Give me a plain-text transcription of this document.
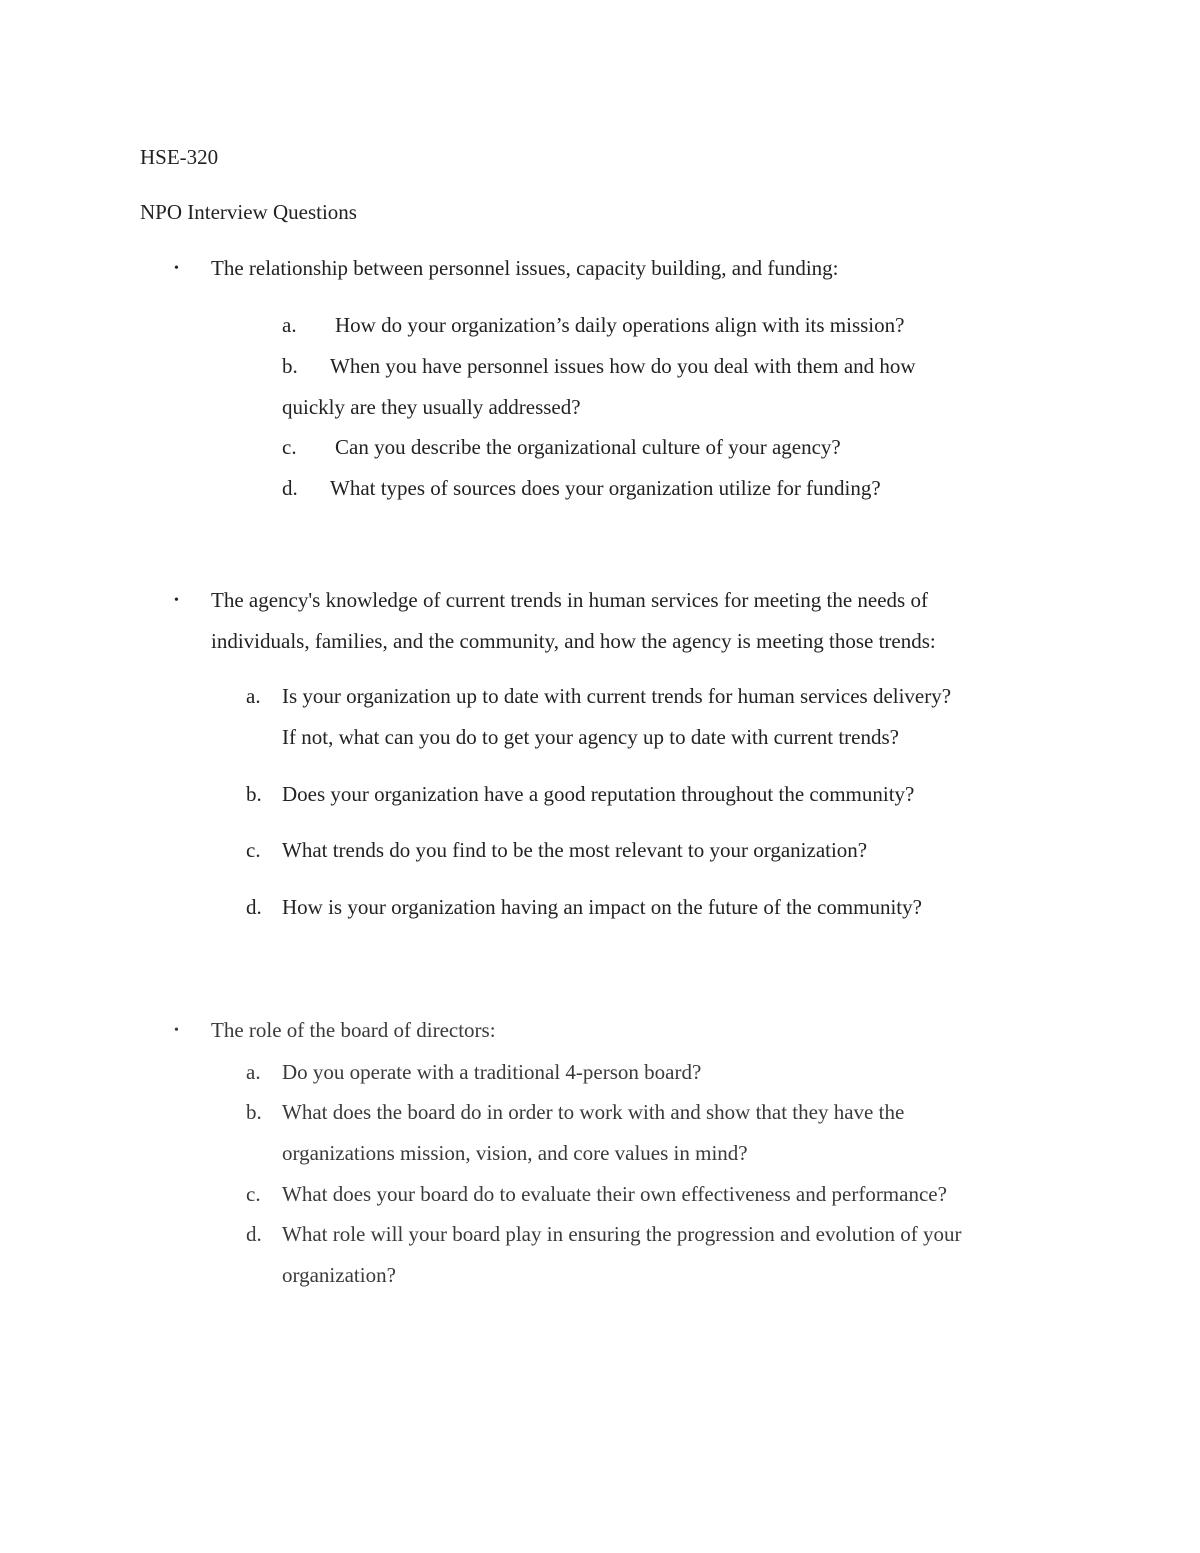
HSE-320
NPO Interview Questions
• The relationship between personnel issues, capacity building, and funding:
a. How do your organization’s daily operations align with its mission?
b. When you have personnel issues how do you deal with them and how
quickly are they usually addressed?
c. Can you describe the organizational culture of your agency?
d. What types of sources does your organization utilize for funding?
• The agency's knowledge of current trends in human services for meeting the needs of
individuals, families, and the community, and how the agency is meeting those trends:
a. Is your organization up to date with current trends for human services delivery?
If not, what can you do to get your agency up to date with current trends?
b. Does your organization have a good reputation throughout the community?
c. What trends do you find to be the most relevant to your organization?
d. How is your organization having an impact on the future of the community?
• The role of the board of directors:
a. Do you operate with a traditional 4-person board?
b. What does the board do in order to work with and show that they have the
organizations mission, vision, and core values in mind?
c. What does your board do to evaluate their own effectiveness and performance?
d. What role will your board play in ensuring the progression and evolution of your
organization?
